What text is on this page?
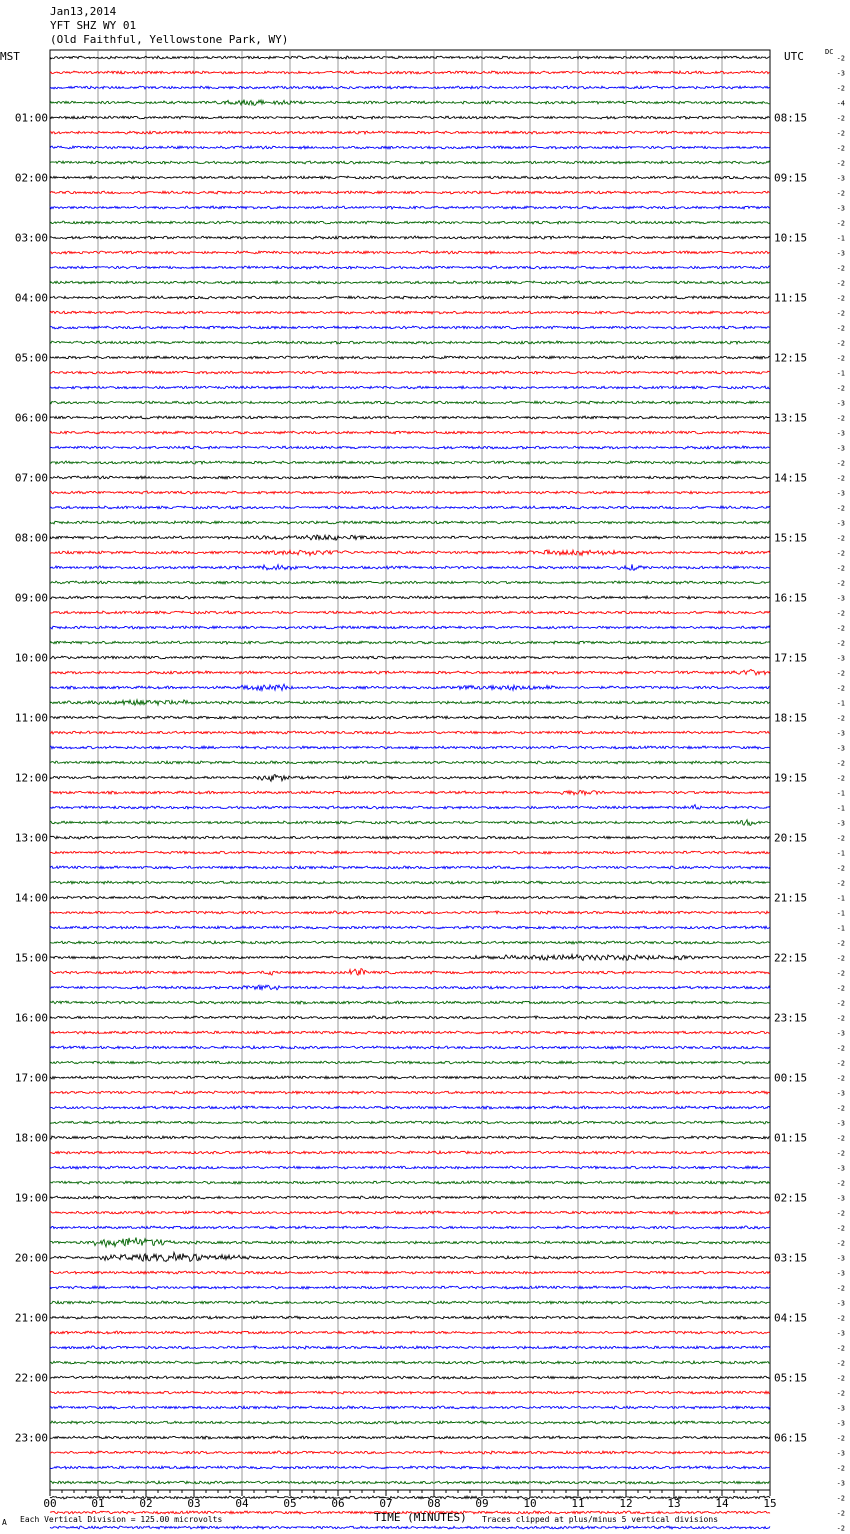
Jan13,2014
YFT SHZ WY 01
(Old Faithful, Yellowstone Park, WY)
MST	UTC	DC
00	01	02	03	04	05	06	07	08	09	10	11	12	13	14	15
-2
-3
-2
-4
-2
-2
-2
-2
-3
-2
-3
-2
-1
-3
-2
-2
-2
-2
-2
-2
-2
-1
-2
-3
-2
-3
-3
-2
-2
-3
-2
-3
-2
-2
-2
-2
-3
-2
-2
-2
-3
-2
-2
-1
-2
-3
-3
-2
-2
-1
-1
-3
-2
-1
-2
-2
-1
-1
-1
-2
-2
-2
-2
-2
-2
-3
-2
-2
-2
-3
-2
-3
-2
-2
-3
-2
-3
-2
-2
-2
-3
-3
-2
-3
-2
-3
-2
-2
-2
-2
-3
-3
-2
-3
-2
-3
-2
-2
-2
01:00
02:00
03:00
04:00
05:00
06:00
07:00
08:00
09:00
10:00
11:00
12:00
13:00
14:00
15:00
16:00
17:00
18:00
19:00
20:00
21:00
22:00
23:00
08:15
09:15
10:15
11:15
12:15
13:15
14:15
15:15
16:15
17:15
18:15
19:15
20:15
21:15
22:15
23:15
00:15
01:15
02:15
03:15
04:15
05:15
06:15
A Each Vertical Division = 125.00 microvolts	TIME (MINUTES) Traces clipped at plus/minus 5 vertical divisions
